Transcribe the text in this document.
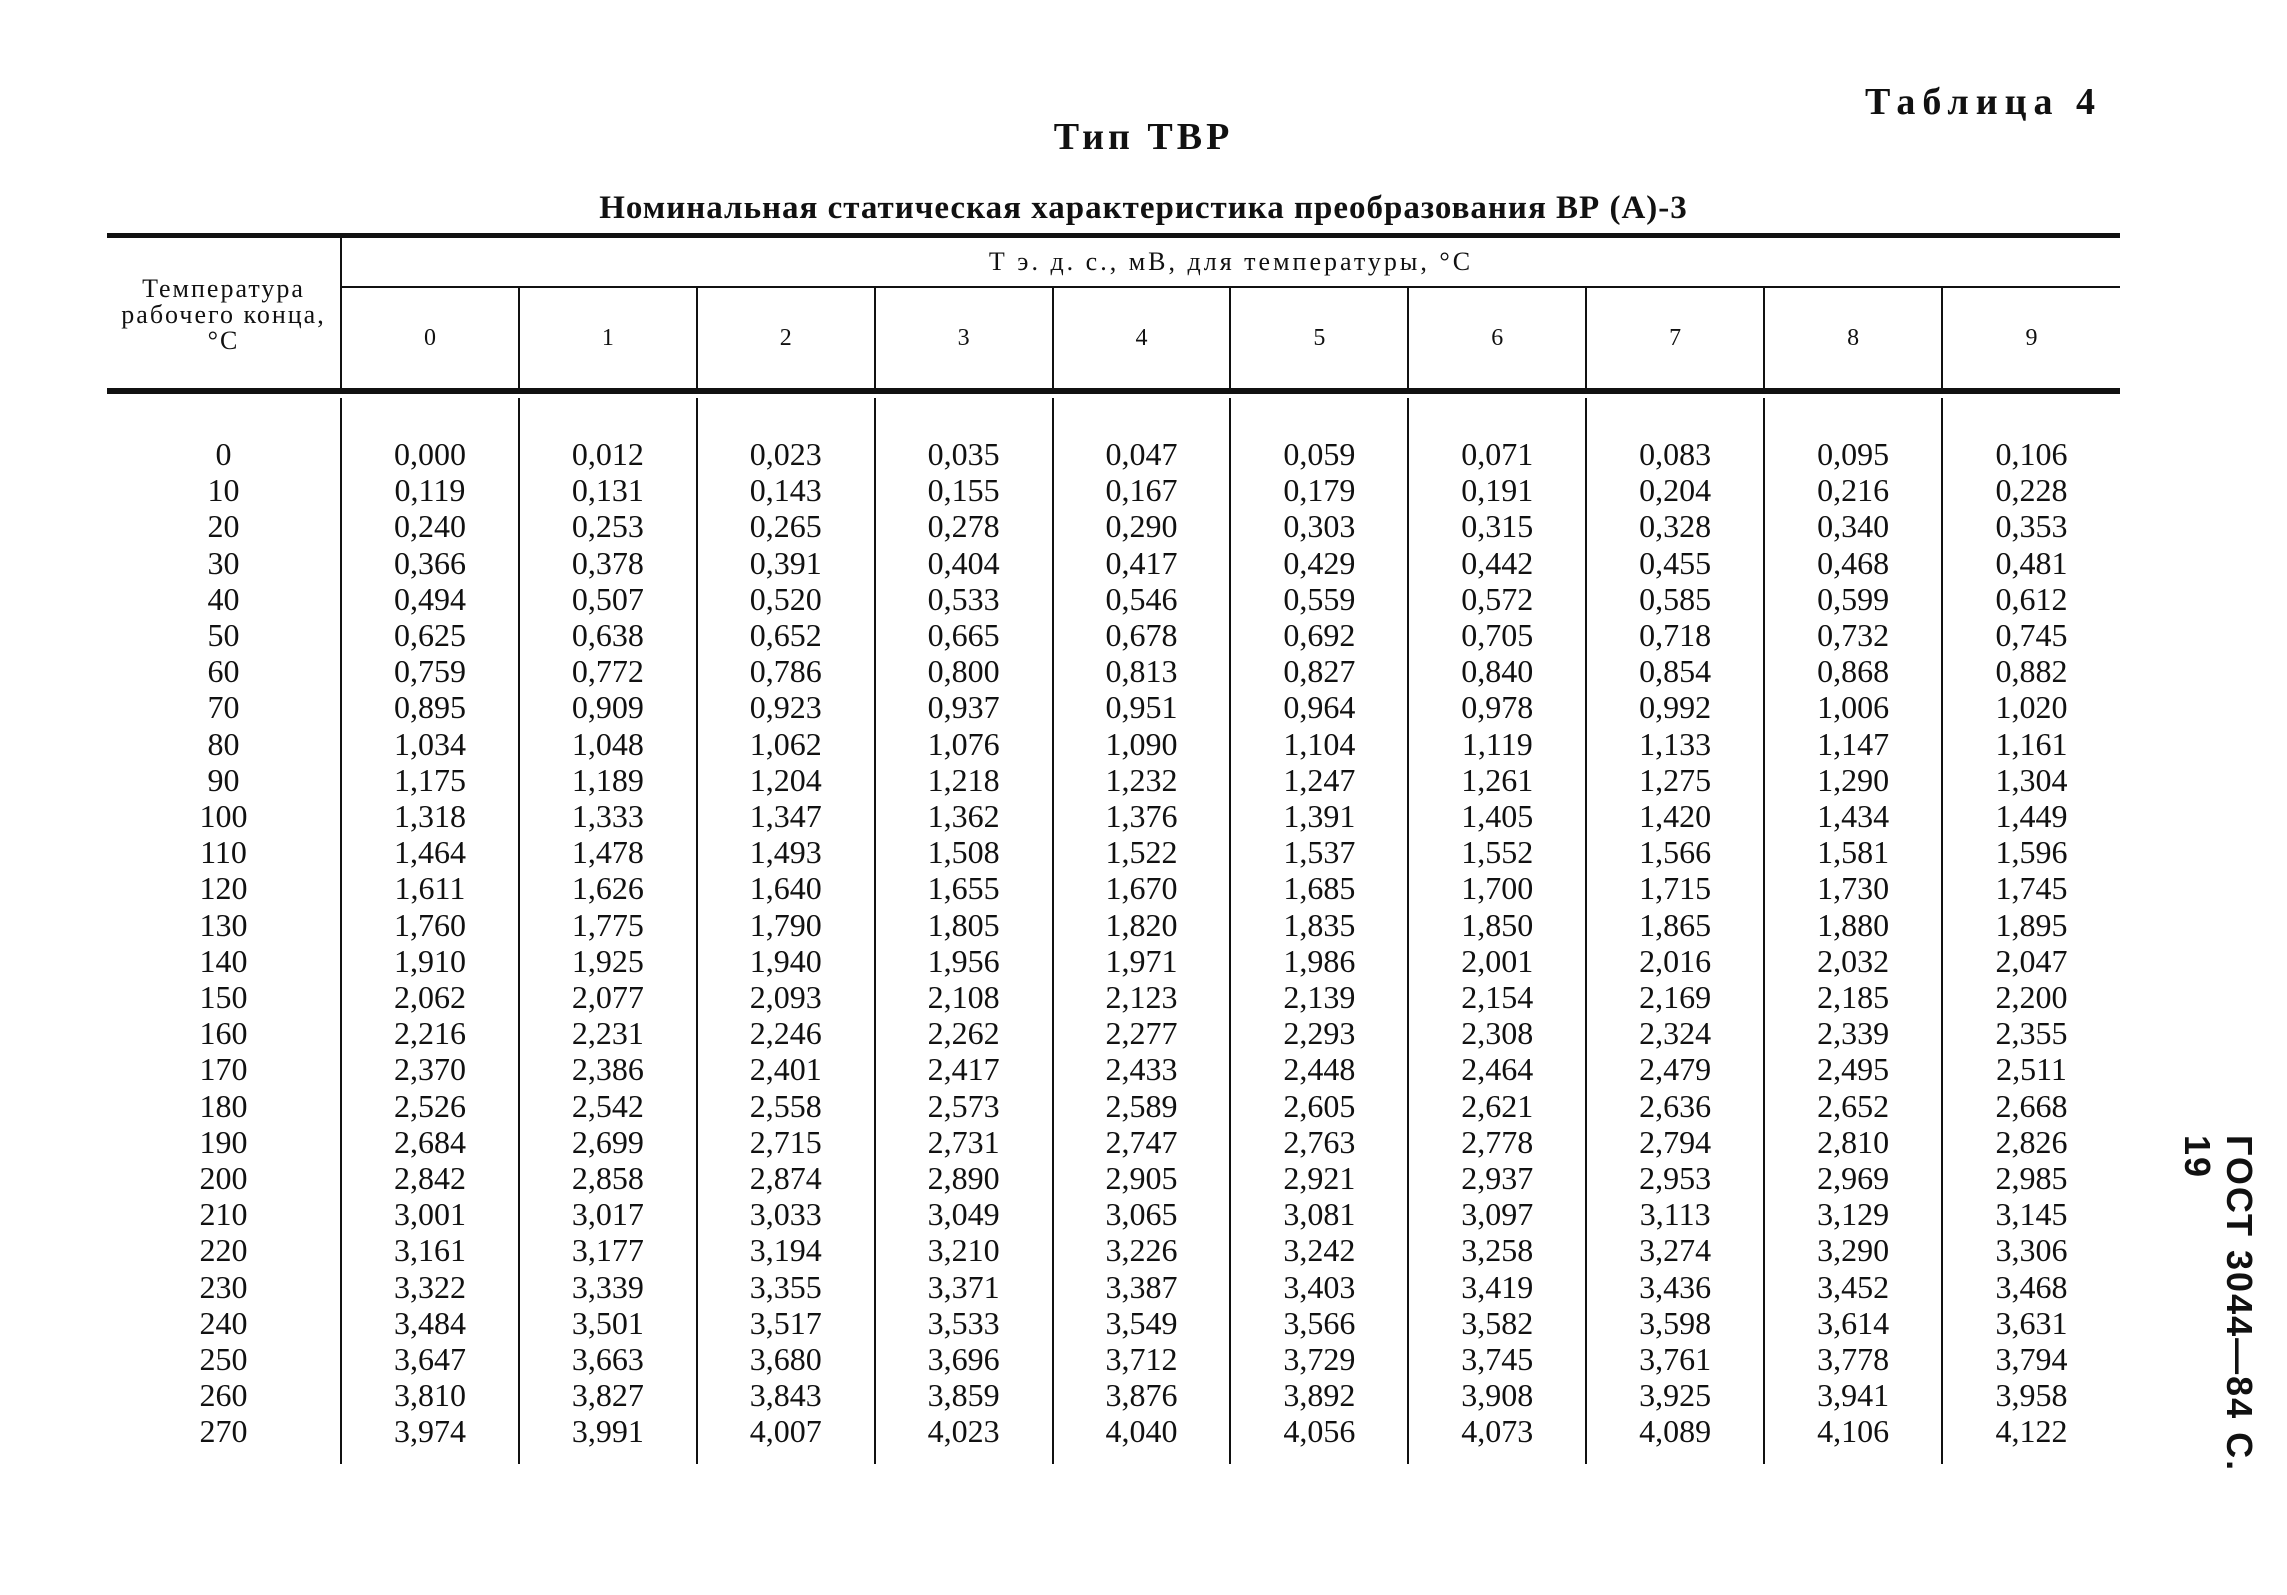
Таблица 4
Тип ТВР
Номинальная статическая характеристика преобразования ВР (А)-3
ГОСТ 3044—84 С. 19

Температура рабочего конца, °С	Т э. д. с., мВ, для температуры, °С									
	0	1	2	3	4	5	6	7	8	9

0	0,000	0,012	0,023	0,035	0,047	0,059	0,071	0,083	0,095	0,106
10	0,119	0,131	0,143	0,155	0,167	0,179	0,191	0,204	0,216	0,228
20	0,240	0,253	0,265	0,278	0,290	0,303	0,315	0,328	0,340	0,353
30	0,366	0,378	0,391	0,404	0,417	0,429	0,442	0,455	0,468	0,481
40	0,494	0,507	0,520	0,533	0,546	0,559	0,572	0,585	0,599	0,612
50	0,625	0,638	0,652	0,665	0,678	0,692	0,705	0,718	0,732	0,745
60	0,759	0,772	0,786	0,800	0,813	0,827	0,840	0,854	0,868	0,882
70	0,895	0,909	0,923	0,937	0,951	0,964	0,978	0,992	1,006	1,020
80	1,034	1,048	1,062	1,076	1,090	1,104	1,119	1,133	1,147	1,161
90	1,175	1,189	1,204	1,218	1,232	1,247	1,261	1,275	1,290	1,304
100	1,318	1,333	1,347	1,362	1,376	1,391	1,405	1,420	1,434	1,449
110	1,464	1,478	1,493	1,508	1,522	1,537	1,552	1,566	1,581	1,596
120	1,611	1,626	1,640	1,655	1,670	1,685	1,700	1,715	1,730	1,745
130	1,760	1,775	1,790	1,805	1,820	1,835	1,850	1,865	1,880	1,895
140	1,910	1,925	1,940	1,956	1,971	1,986	2,001	2,016	2,032	2,047
150	2,062	2,077	2,093	2,108	2,123	2,139	2,154	2,169	2,185	2,200
160	2,216	2,231	2,246	2,262	2,277	2,293	2,308	2,324	2,339	2,355
170	2,370	2,386	2,401	2,417	2,433	2,448	2,464	2,479	2,495	2,511
180	2,526	2,542	2,558	2,573	2,589	2,605	2,621	2,636	2,652	2,668
190	2,684	2,699	2,715	2,731	2,747	2,763	2,778	2,794	2,810	2,826
200	2,842	2,858	2,874	2,890	2,905	2,921	2,937	2,953	2,969	2,985
210	3,001	3,017	3,033	3,049	3,065	3,081	3,097	3,113	3,129	3,145
220	3,161	3,177	3,194	3,210	3,226	3,242	3,258	3,274	3,290	3,306
230	3,322	3,339	3,355	3,371	3,387	3,403	3,419	3,436	3,452	3,468
240	3,484	3,501	3,517	3,533	3,549	3,566	3,582	3,598	3,614	3,631
250	3,647	3,663	3,680	3,696	3,712	3,729	3,745	3,761	3,778	3,794
260	3,810	3,827	3,843	3,859	3,876	3,892	3,908	3,925	3,941	3,958
270	3,974	3,991	4,007	4,023	4,040	4,056	4,073	4,089	4,106	4,122
